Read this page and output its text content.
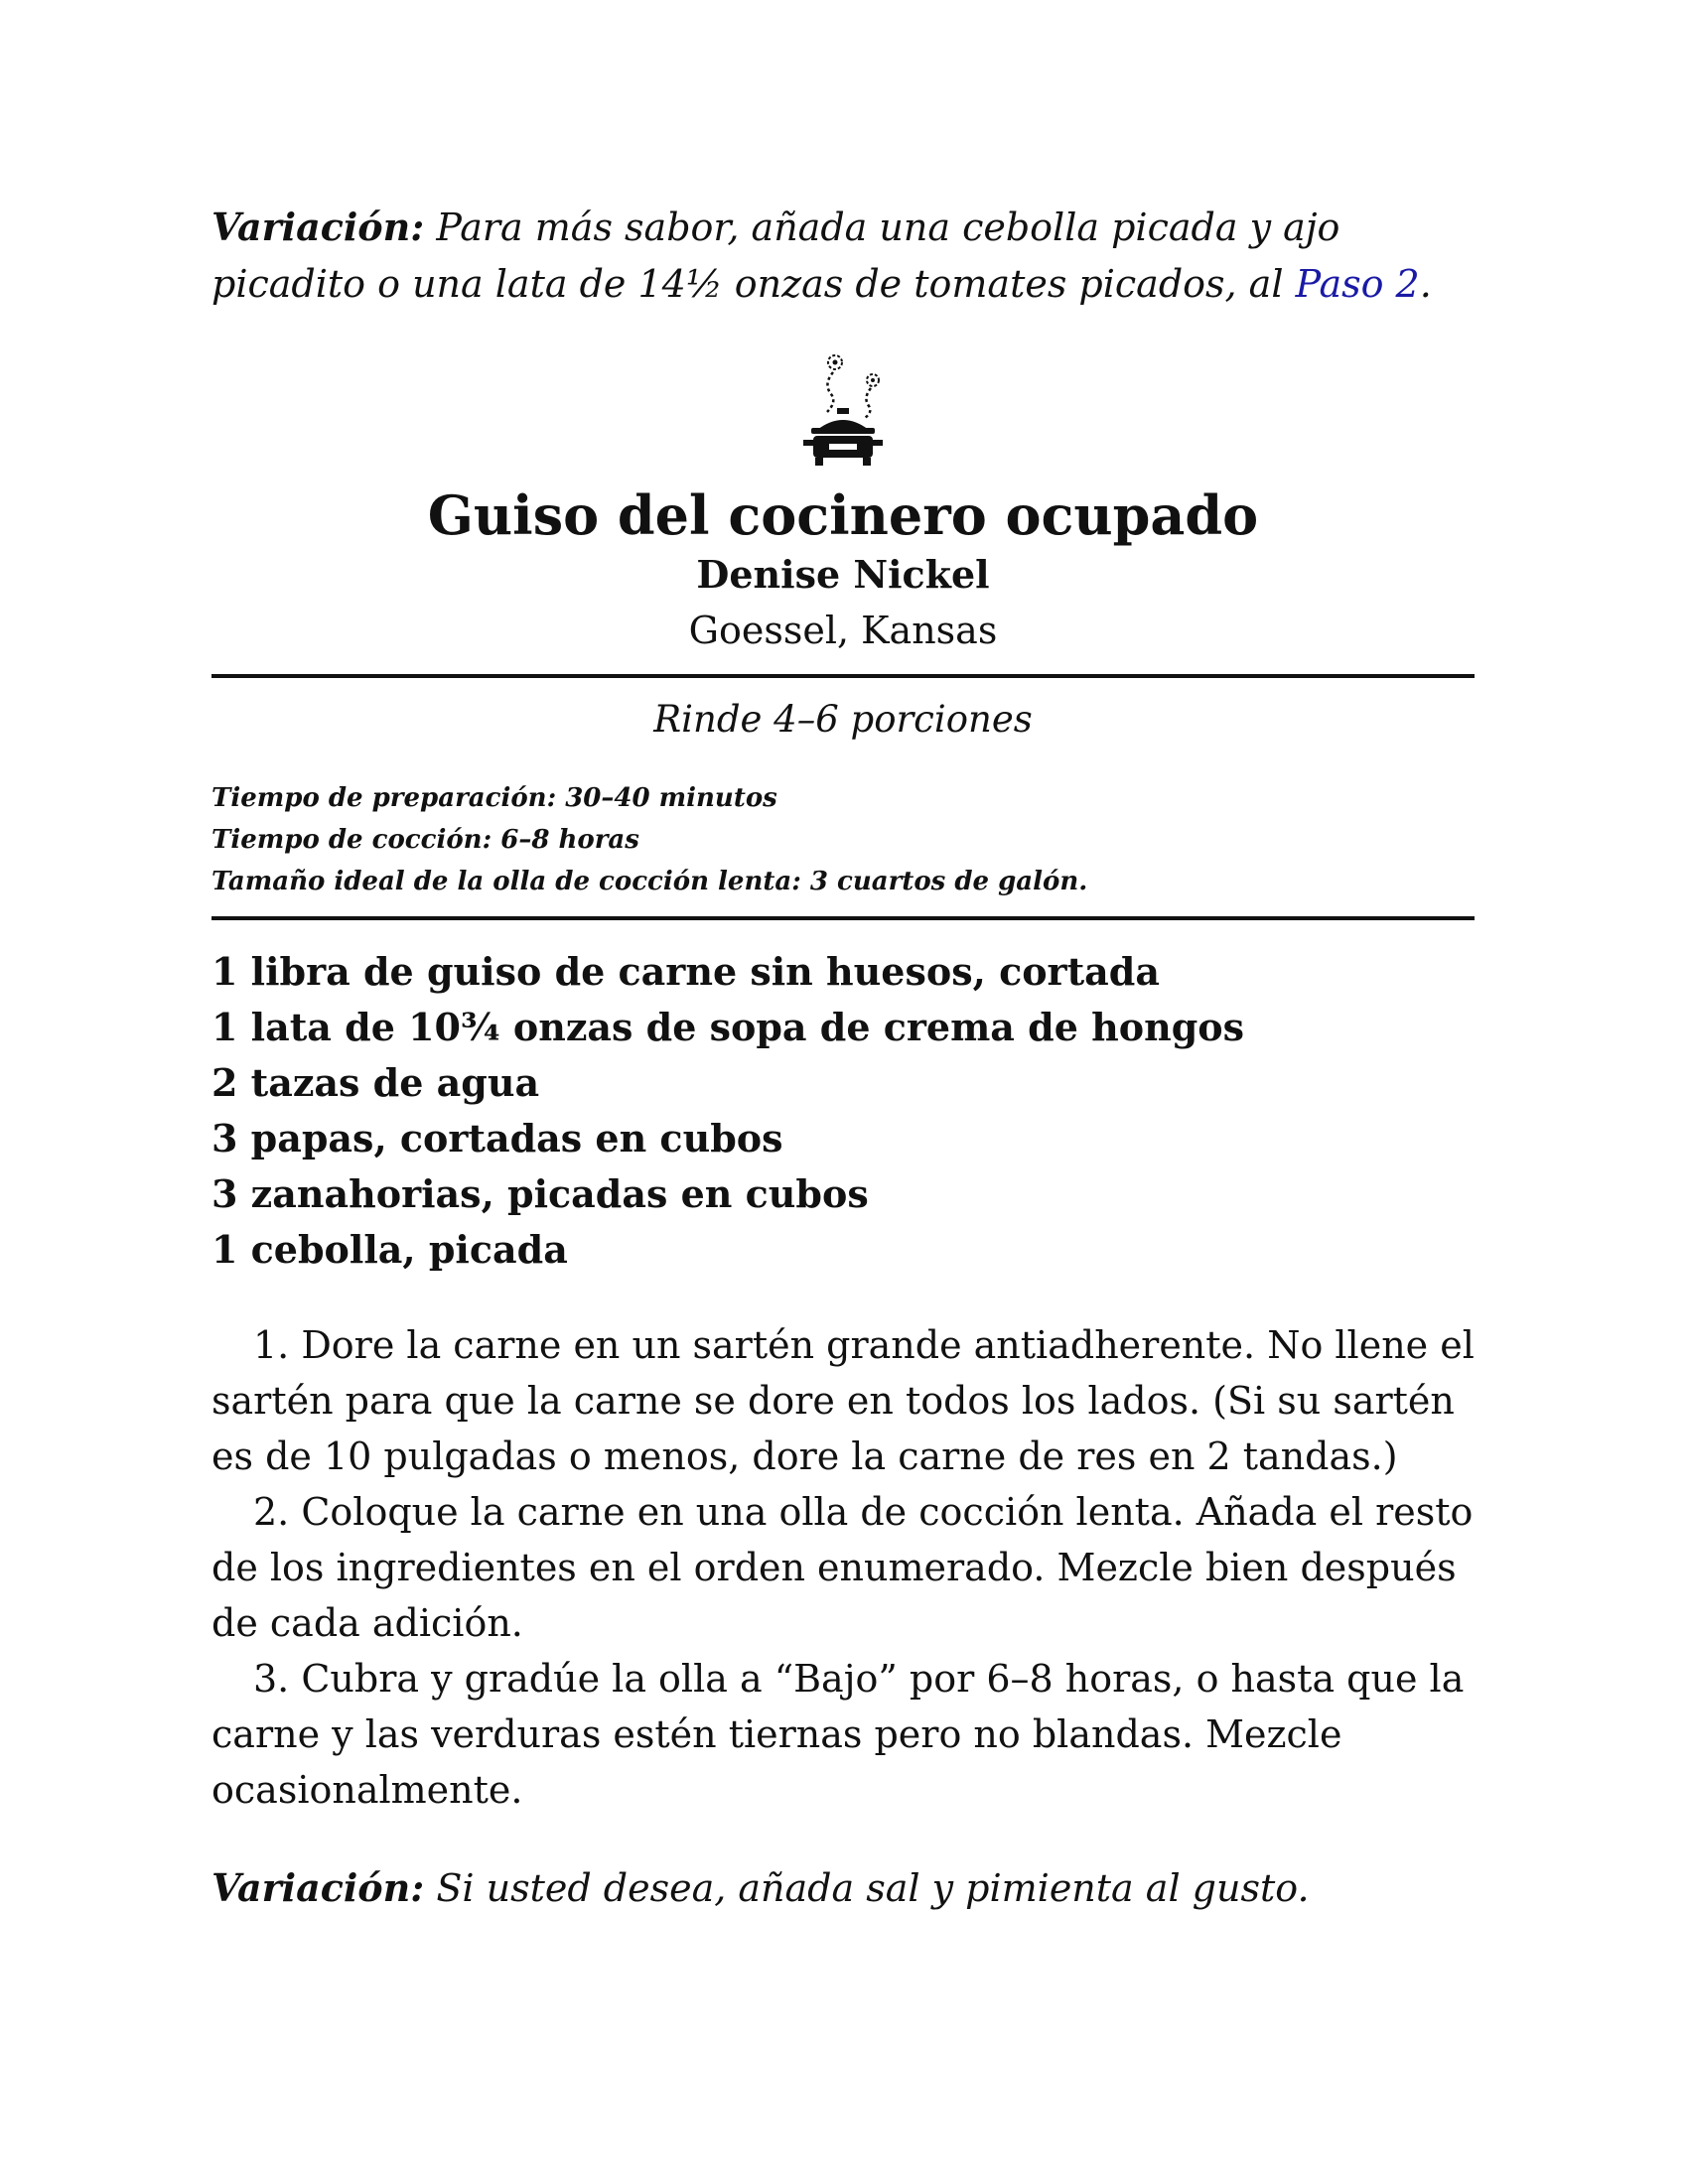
Variación: Para más sabor, añada una cebolla picada y ajo picadito o una lata de 14½ onzas de tomates picados, al Paso 2.

Guiso del cocinero ocupado

Denise Nickel

Goessel, Kansas

Rinde 4–6 porciones

Tiempo de preparación: 30–40 minutos
Tiempo de cocción: 6–8 horas
Tamaño ideal de la olla de cocción lenta: 3 cuartos de galón.
1 libra de guiso de carne sin huesos, cortada
1 lata de 10¾ onzas de sopa de crema de hongos
2 tazas de agua
3 papas, cortadas en cubos
3 zanahorias, picadas en cubos
1 cebolla, picada

1. Dore la carne en un sartén grande antiadherente. No llene el sartén para que la carne se dore en todos los lados. (Si su sartén es de 10 pulgadas o menos, dore la carne de res en 2 tandas.)

2. Coloque la carne en una olla de cocción lenta. Añada el resto de los ingredientes en el orden enumerado. Mezcle bien después de cada adición.

3. Cubra y gradúe la olla a “Bajo” por 6–8 horas, o hasta que la carne y las verduras estén tiernas pero no blandas. Mezcle ocasionalmente.

Variación: Si usted desea, añada sal y pimienta al gusto.
